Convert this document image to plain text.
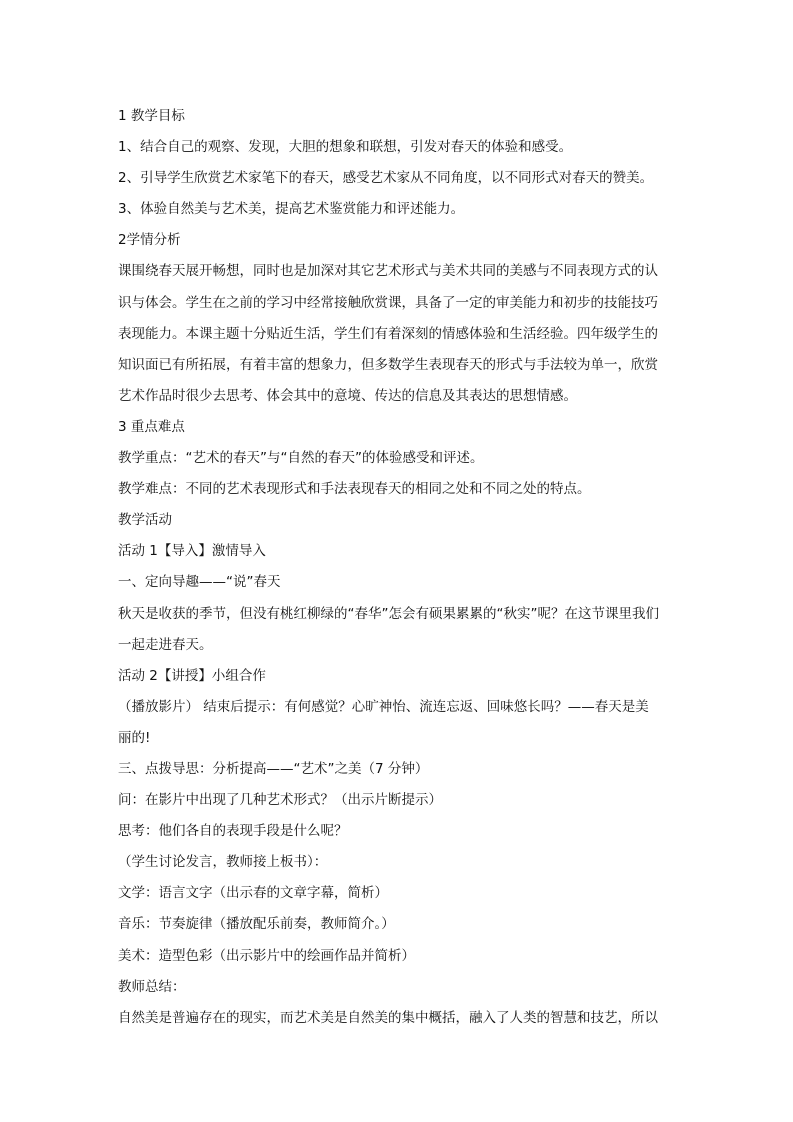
1 教学目标
1、结合自己的观察、发现，大胆的想象和联想，引发对春天的体验和感受。
2、引导学生欣赏艺术家笔下的春天，感受艺术家从不同角度，以不同形式对春天的赞美。
3、体验自然美与艺术美，提高艺术鉴赏能力和评述能力。
2学情分析
课围绕春天展开畅想，同时也是加深对其它艺术形式与美术共同的美感与不同表现方式的认
识与体会。学生在之前的学习中经常接触欣赏课，具备了一定的审美能力和初步的技能技巧
表现能力。本课主题十分贴近生活，学生们有着深刻的情感体验和生活经验。四年级学生的
知识面已有所拓展，有着丰富的想象力，但多数学生表现春天的形式与手法较为单一，欣赏
艺术作品时很少去思考、体会其中的意境、传达的信息及其表达的思想情感。
3 重点难点
教学重点：“艺术的春天”与“自然的春天”的体验感受和评述。
教学难点：不同的艺术表现形式和手法表现春天的相同之处和不同之处的特点。
教学活动
活动 1【导入】激情导入
一、定向导趣——“说”春天
秋天是收获的季节，但没有桃红柳绿的“春华”怎会有硕果累累的“秋实”呢？在这节课里我们
一起走进春天。
活动 2【讲授】小组合作
（播放影片） 结束后提示：有何感觉？心旷神怡、流连忘返、回味悠长吗？——春天是美
丽的!
三、点拨导思：分析提高——“艺术”之美（7 分钟）
问：在影片中出现了几种艺术形式？（出示片断提示）
思考：他们各自的表现手段是什么呢？
（学生讨论发言，教师接上板书）：
文学：语言文字（出示春的文章字幕，简析）
音乐：节奏旋律（播放配乐前奏，教师简介。）
美术：造型色彩（出示影片中的绘画作品并简析）
教师总结：
自然美是普遍存在的现实，而艺术美是自然美的集中概括，融入了人类的智慧和技艺，所以
